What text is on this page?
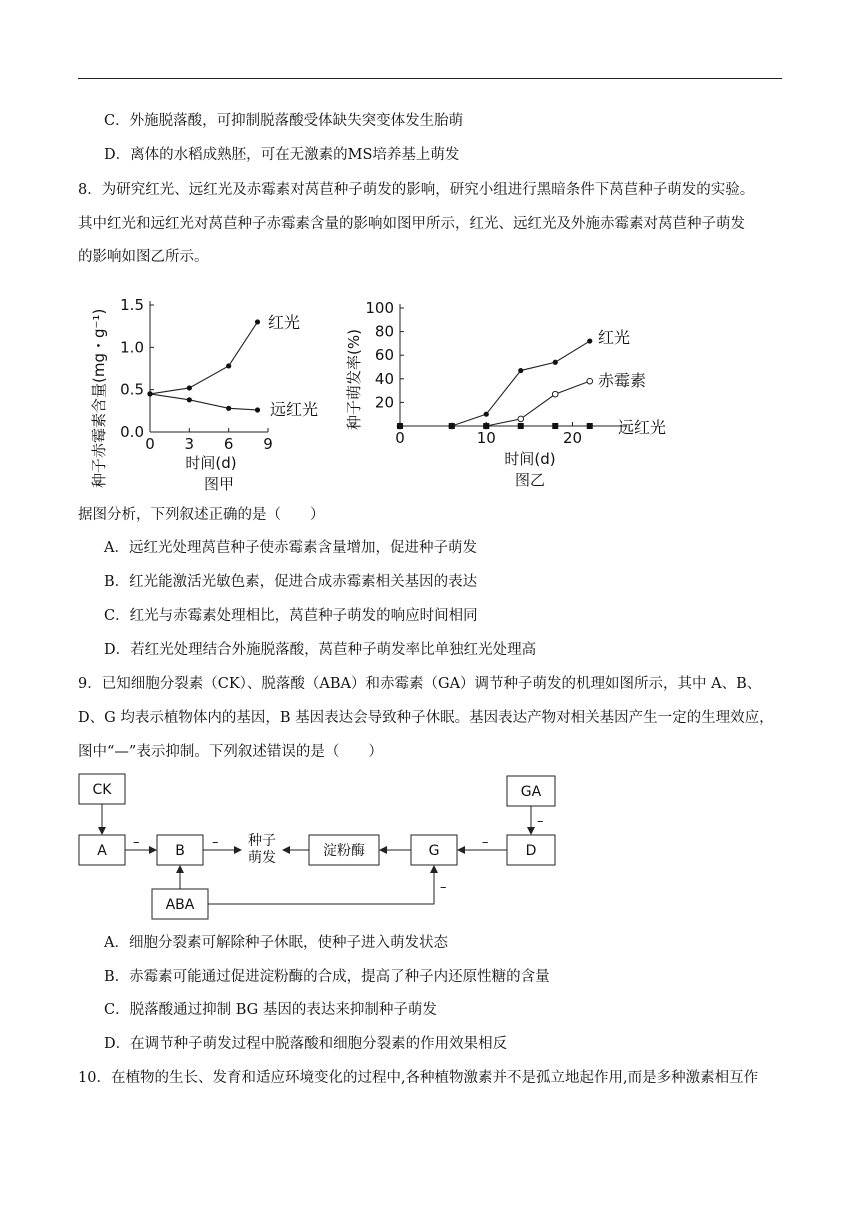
C．外施脱落酸，可抑制脱落酸受体缺失突变体发生胎萌
D．离体的水稻成熟胚，可在无激素的MS培养基上萌发
8．为研究红光、远红光及赤霉素对莴苣种子萌发的影响，研究小组进行黑暗条件下莴苣种子萌发的实验。
其中红光和远红光对莴苣种子赤霉素含量的影响如图甲所示，红光、远红光及外施赤霉素对莴苣种子萌发
的影响如图乙所示。
种子赤霉素含量(mg・g⁻¹) 0.0
0.5
1.0
1.5
0 3 6 9
红光
远红光
时间(d)
图甲
种子萌发率(%) 20
40
60
80
100
0	10	20
红光
赤霉素
远红光
时间(d)
图乙
据图分析，下列叙述正确的是（　　）
A．远红光处理莴苣种子使赤霉素含量增加，促进种子萌发
B．红光能激活光敏色素，促进合成赤霉素相关基因的表达
C．红光与赤霉素处理相比，莴苣种子萌发的响应时间相同
D．若红光处理结合外施脱落酸，莴苣种子萌发率比单独红光处理高
9．已知细胞分裂素（CK）、脱落酸（ABA）和赤霉素（GA）调节种子萌发的机理如图所示，其中 A、B、
D、G 均表示植物体内的基因，B 基因表达会导致种子休眠。基因表达产物对相关基因产生一定的生理效应，
图中“—”表示抑制。下列叙述错误的是（　　）
CK
A	B
ABA
淀粉酶	G	D
GA
种子
萌发
–	–	–
–
–
A．细胞分裂素可解除种子休眠，使种子进入萌发状态
B．赤霉素可能通过促进淀粉酶的合成，提高了种子内还原性糖的含量
C．脱落酸通过抑制 BG 基因的表达来抑制种子萌发
D．在调节种子萌发过程中脱落酸和细胞分裂素的作用效果相反
10．在植物的生长、发育和适应环境变化的过程中,各种植物激素并不是孤立地起作用,而是多种激素相互作
